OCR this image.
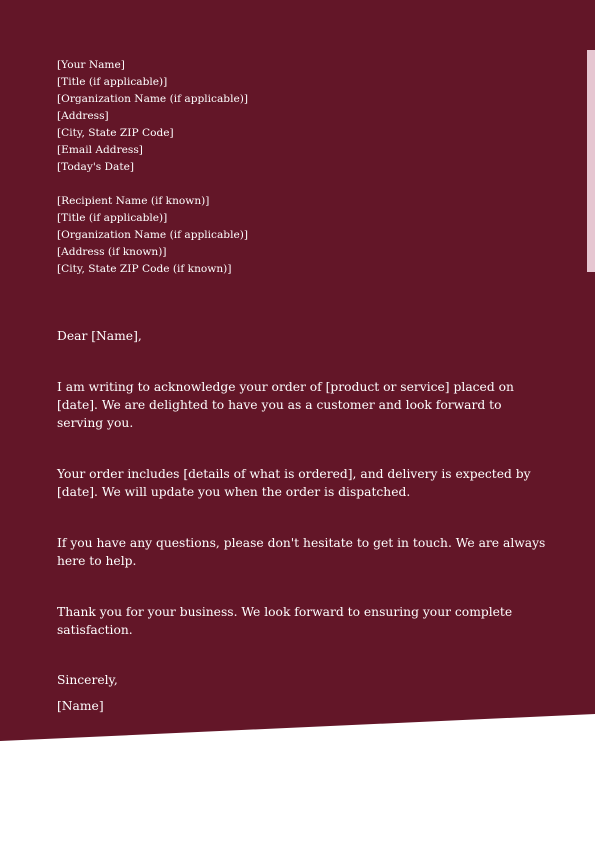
[Your Name]
[Title (if applicable)]
[Organization Name (if applicable)]
[Address]
[City, State ZIP Code]
[Email Address]
[Today's Date]
[Recipient Name (if known)]
[Title (if applicable)]
[Organization Name (if applicable)]
[Address (if known)]
[City, State ZIP Code (if known)]

Dear [Name],

I am writing to acknowledge your order of [product or service] placed on [date]. We are delighted to have you as a customer and look forward to serving you.

Your order includes [details of what is ordered], and delivery is expected by [date]. We will update you when the order is dispatched.

If you have any questions, please don't hesitate to get in touch. We are always here to help.

Thank you for your business. We look forward to ensuring your complete satisfaction.

Sincerely,

[Name]
